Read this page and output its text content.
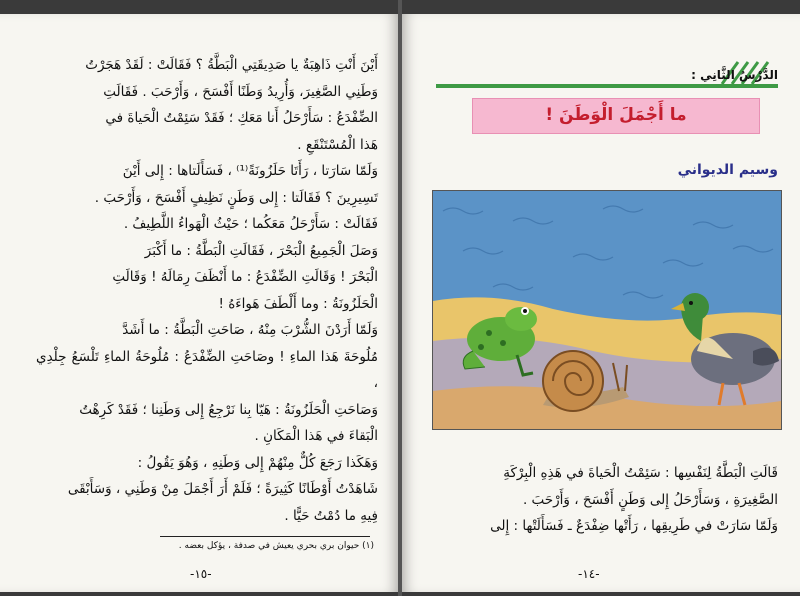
أَيْنَ أَنْتِ ذَاهِبَةٌ يا صَدِيقَتِي الْبَطَّةُ ؟ فَقَالَتْ : لَقَدْ هَجَرْتُ

وَطَنِي الصَّغِيرَ، وَأُرِيدُ وَطَنًا أَفْسَحَ ، وَأَرْحَبَ . فَقَالَتِ

الضِّفْدَعُ : سَأَرْحَلُ أَنا مَعَكِ ؛ فَقَدْ سَئِمْتُ الْحَياةَ في

هَذا الْمُسْتَنْقَعِ .

وَلَمّا سَارَتا ، رَأَتَا حَلَزُونَةً⁽¹⁾ ، فَسَأَلَتاها : إِلى أَيْنَ

تَسِيرِينَ ؟ فَقَالَتا : إِلى وَطَنٍ نَظِيفٍ أَفْسَحَ ، وَأَرْحَبَ .

فَقَالَتْ : سَأَرْحَلُ مَعَكُما ؛ حَيْثُ الْهَواءُ اللَّطِيفُ .

وَصَلَ الْجَمِيعُ الْبَحْرَ ، فَقَالَتِ الْبَطَّةُ : ما أَكْبَرَ

الْبَحْرَ ! وَقَالَتِ الضِّفْدَعُ : ما أَنْظَفَ رِمَالَهُ ! وَقَالَتِ

الْحَلَزُونَةُ : وما أَلْطَفَ هَواءَهُ !

وَلَمّا أَرَدْنَ الشُّرْبَ مِنْهُ ، صَاحَتِ الْبَطَّةُ : ما أَشَدَّ

مُلُوحَةَ هَذا الماءِ ! وصَاحَتِ الضِّفْدَعُ : مُلُوحَةُ الماءِ تَلْسَعُ جِلْدِي ،

وَصَاحَتِ الْحَلَزُونَةُ : هَيّا بِنا نَرْجِعُ إِلى وَطَنِنا ؛ فَقَدْ كَرِهْتُ

الْبَقاءَ في هَذا الْمَكَانِ .

وَهَكَذا رَجَعَ كُلٌّ مِنْهُمْ إِلى وَطَنِهِ ، وَهُوَ يَقُولُ :

شَاهَدْتُ أَوْطَانًا كَثِيرَةً ؛ فَلَمْ أَرَ أَجْمَلَ مِنْ وَطَنِي ، وَسَأَبْقَى

فِيهِ ما دُمْتُ حَيًّا .

(١) حيوان بري بحري يعيش في صدفة ، يؤكل بعضه .
-١٥-
الدَّرْسُ الثَّانِي :
ما أَجْمَلَ الْوَطَنَ !
وسيم الديواني

قَالَتِ الْبَطَّةُ لِنَفْسِها : سَئِمْتُ الْحَياةَ في هَذِهِ الْبِرْكَةِ

الصَّغِيرَةِ ، وَسَأَرْحَلُ إِلى وَطَنٍ أَفْسَحَ ، وَأَرْحَبَ .

وَلَمّا سَارَتْ في طَرِيقِها ، رَأَتْها ضِفْدَعٌ ـ فَسَأَلَتْها : إِلى

-١٤-
